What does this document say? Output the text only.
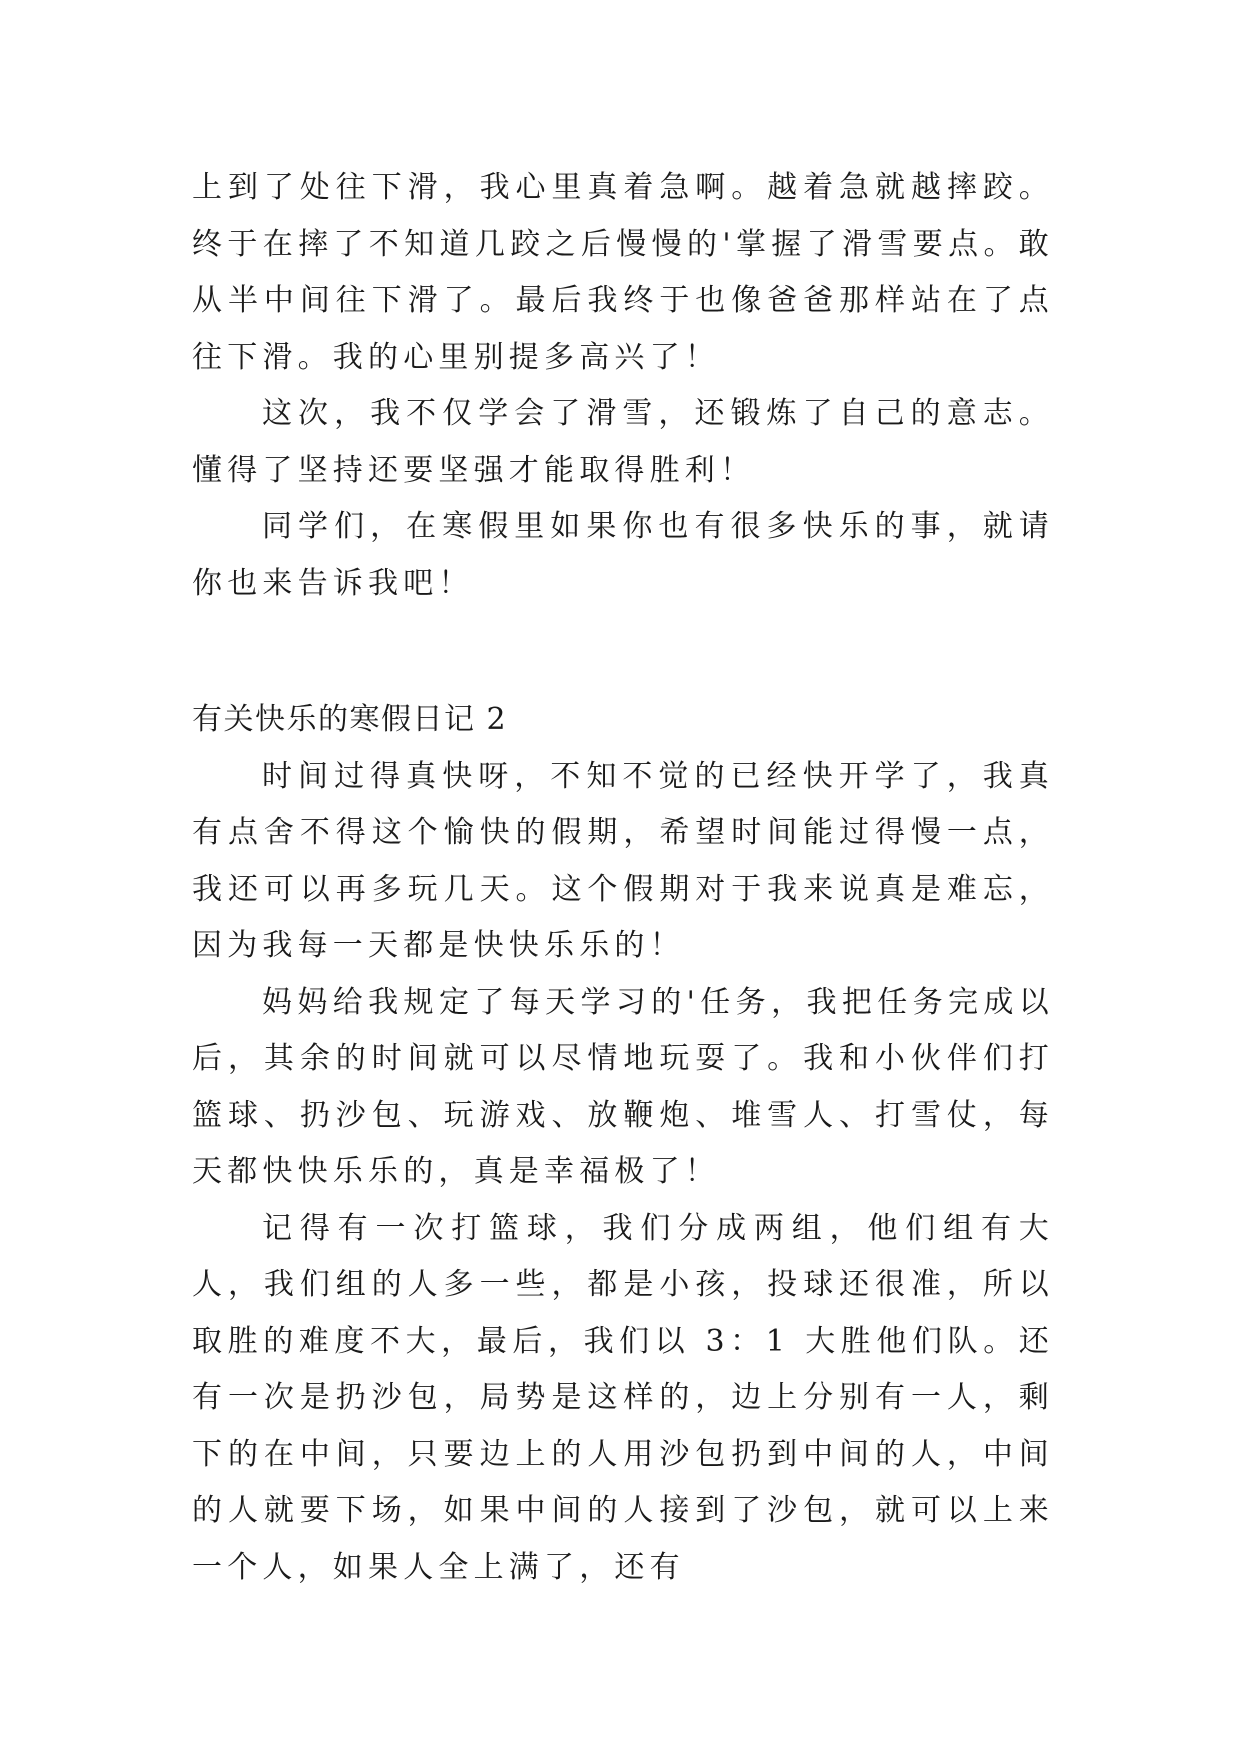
上到了处往下滑，我心里真着急啊。越着急就越摔跤。终于在摔了不知道几跤之后慢慢的'掌握了滑雪要点。敢从半中间往下滑了。最后我终于也像爸爸那样站在了点往下滑。我的心里别提多高兴了！

这次，我不仅学会了滑雪，还锻炼了自己的意志。懂得了坚持还要坚强才能取得胜利！

同学们，在寒假里如果你也有很多快乐的事，就请你也来告诉我吧！

有关快乐的寒假日记 2

时间过得真快呀，不知不觉的已经快开学了，我真有点舍不得这个愉快的假期，希望时间能过得慢一点，我还可以再多玩几天。这个假期对于我来说真是难忘，因为我每一天都是快快乐乐的！

妈妈给我规定了每天学习的'任务，我把任务完成以后，其余的时间就可以尽情地玩耍了。我和小伙伴们打篮球、扔沙包、玩游戏、放鞭炮、堆雪人、打雪仗，每天都快快乐乐的，真是幸福极了！

记得有一次打篮球，我们分成两组，他们组有大人，我们组的人多一些，都是小孩，投球还很准，所以取胜的难度不大，最后，我们以 3：1 大胜他们队。还有一次是扔沙包，局势是这样的，边上分别有一人，剩下的在中间，只要边上的人用沙包扔到中间的人，中间的人就要下场，如果中间的人接到了沙包，就可以上来一个人，如果人全上满了，还有
